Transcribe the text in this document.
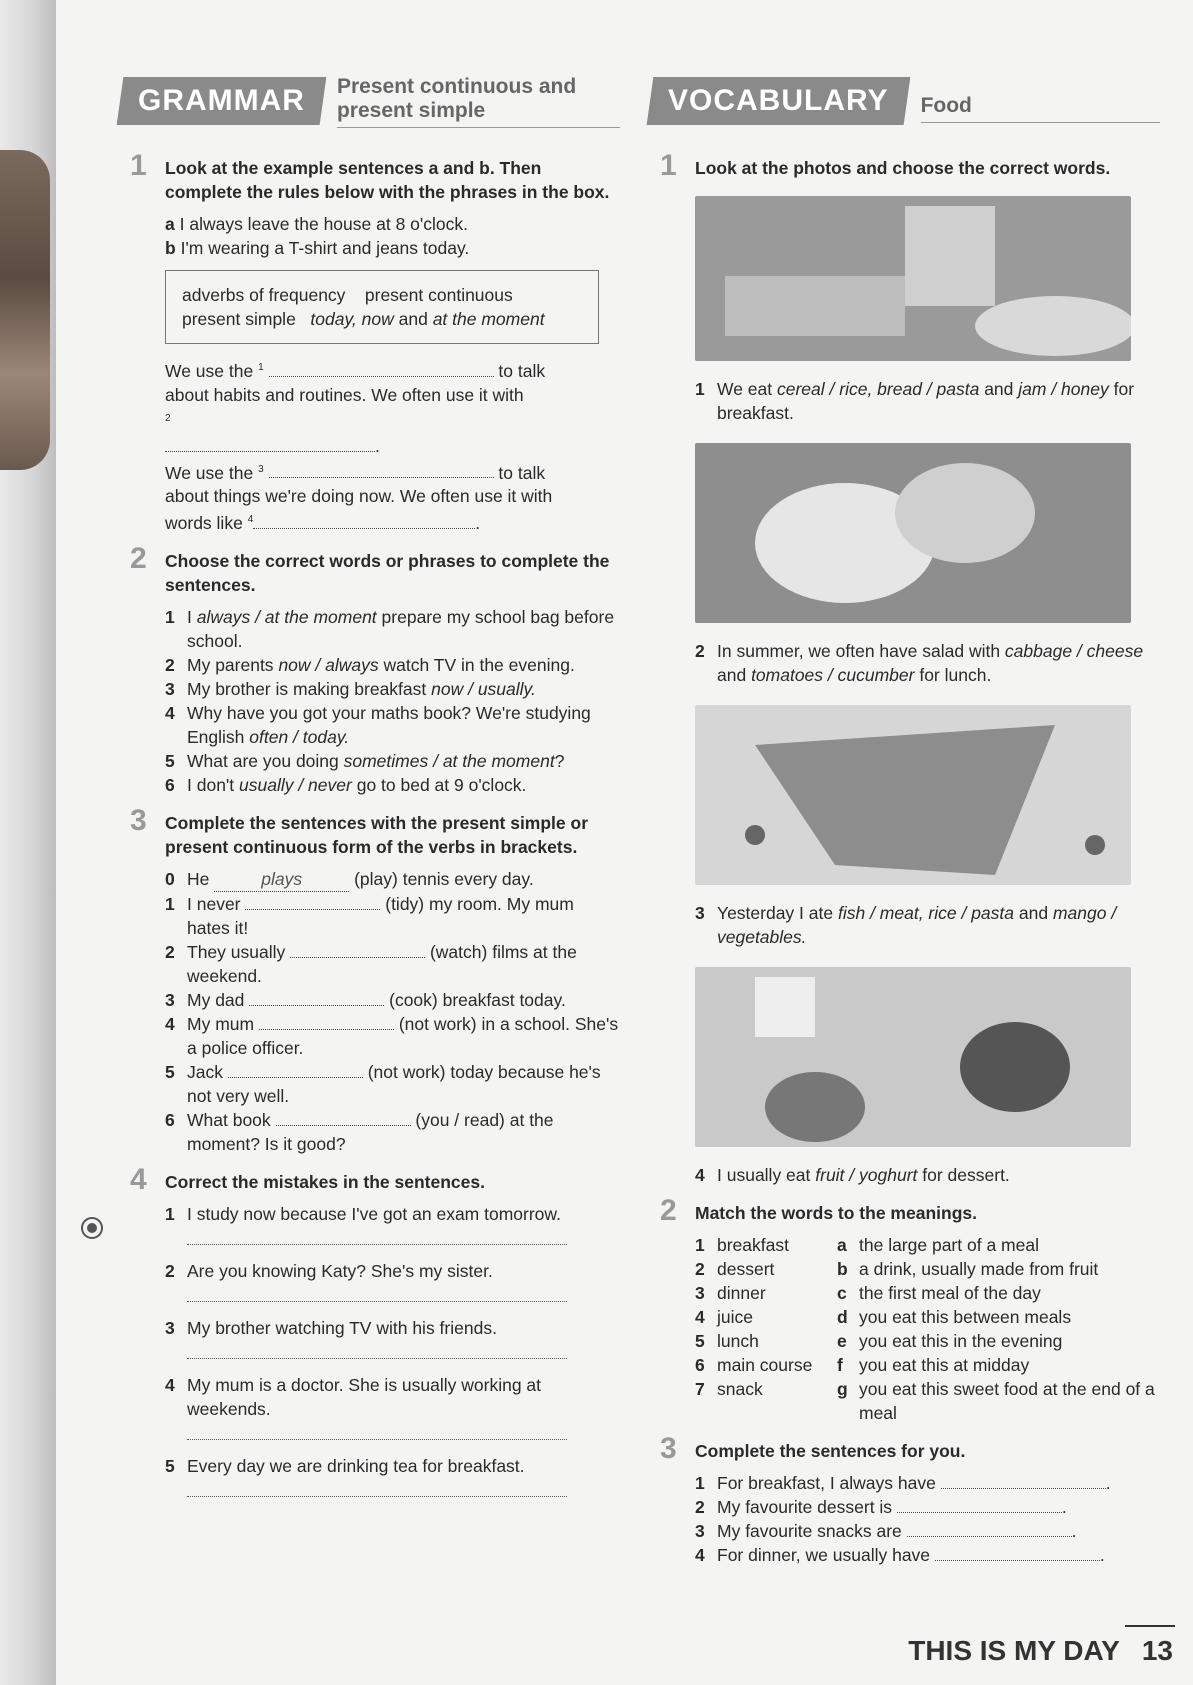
GRAMMAR	Present continuous and present simple
1 Look at the example sentences a and b. Then complete the rules below with the phrases in the box.
a I always leave the house at 8 o'clock.
b I'm wearing a T-shirt and jeans today.
adverbs of frequency    present continuous
present simple today, now and at the moment
We use the $^1$	to talk
about habits and routines. We often use it with
$^2$
.
We use the $^3$	to talk
about things we're doing now. We often use it with
words like $^4$	.
2 Choose the correct words or phrases to complete the sentences.
1 I always / at the moment prepare my school bag before school.
2 My parents now / always watch TV in the evening.
3 My brother is making breakfast now / usually.
4 Why have you got your maths book? We're studying English often / today.
5 What are you doing sometimes / at the moment?
6 I don't usually / never go to bed at 9 o'clock.
3 Complete the sentences with the present simple or present continuous form of the verbs in brackets.
0 He	plays	(play) tennis every day.
1 I never	(tidy) my room. My mum hates it!
2 They usually	(watch) films at the weekend.
3 My dad	(cook) breakfast today.
4 My mum	(not work) in a school. She's a police officer.
5 Jack	(not work) today because he's not very well.
6 What book	(you / read) at the moment? Is it good?
4 Correct the mistakes in the sentences.
1 I study now because I've got an exam tomorrow.
2 Are you knowing Katy? She's my sister.
3 My brother watching TV with his friends.
4 My mum is a doctor. She is usually working at weekends.
5 Every day we are drinking tea for breakfast.
VOCABULARY	Food
1 Look at the photos and choose the correct words.
1 We eat cereal / rice, bread / pasta and jam / honey for breakfast.
2 In summer, we often have salad with cabbage / cheese and tomatoes / cucumber for lunch.
3 Yesterday I ate fish / meat, rice / pasta and mango / vegetables.
4 I usually eat fruit / yoghurt for dessert.
2 Match the words to the meanings.
1 breakfast	a the large part of a meal
2 dessert	b a drink, usually made from fruit
3 dinner	c the first meal of the day
4 juice	d you eat this between meals
5 lunch	e you eat this in the evening
6 main course	f you eat this at midday
7 snack	g you eat this sweet food at the end of a meal
3 Complete the sentences for you.
1 For breakfast, I always have	.
2 My favourite dessert is	.
3 My favourite snacks are	.
4 For dinner, we usually have	.
THIS IS MY DAY 13
